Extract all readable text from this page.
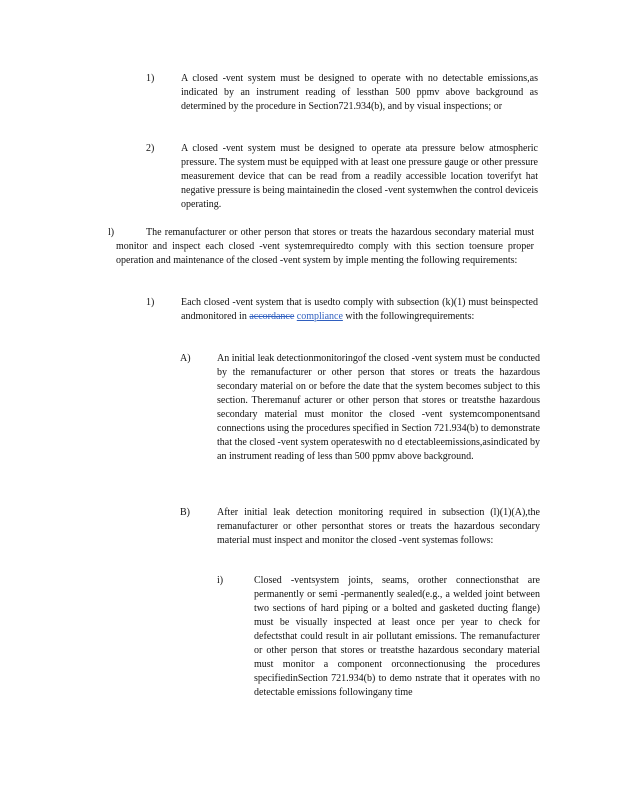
1)	A closed -vent system must be designed to operate with no detectable emissions,as indicated by an instrument reading of lessthan 500 ppmv above background as determined by the procedure in Section721.934(b), and by visual inspections; or
2)	A closed -vent system must be designed to operate ata pressure below atmospheric pressure. The system must be equipped with at least one pressure gauge or other pressure measurement device that can be read from a readily accessible location toverifyt hat negative pressure is being maintainedin the closed -vent systemwhen the control deviceis operating.
l)	The remanufacturer or other person that stores or treats the hazardous secondary material must monitor and inspect each closed -vent systemrequiredto comply with this section toensure proper operation and maintenance of the closed -vent system by imple menting the following requirements:
1)	Each closed -vent system that is usedto comply with subsection (k)(1) must beinspected andmonitored in accordance compliance with the followingrequirements:
A)	An initial leak detectionmonitoringof the closed -vent system must be conducted by the remanufacturer or other person that stores or treats the hazardous secondary material on or before the date that the system becomes subject to this section. Theremanuf acturer or other person that stores or treatsthe hazardous secondary material must monitor the closed -vent systemcomponentsand connections using the procedures specified in Section 721.934(b) to demonstrate that the closed -vent system operateswith no d etectableemissions,asindicated by an instrument reading of less than 500 ppmv above background.
B)	After initial leak detection monitoring required in subsection (l)(1)(A),the remanufacturer or other personthat stores or treats the hazardous secondary material must inspect and monitor the closed -vent systemas follows:
i)	Closed -ventsystem joints, seams, orother connectionsthat are permanently or semi -permanently sealed(e.g., a welded joint between two sections of hard piping or a bolted and gasketed ducting flange) must be visually inspected at least once per year to check for defectsthat could result in air pollutant emissions. The remanufacturer or other person that stores or treatsthe hazardous secondary material must monitor a component orconnectionusing the procedures specifiedinSection 721.934(b) to demo nstrate that it operates with no detectable emissions followingany time
